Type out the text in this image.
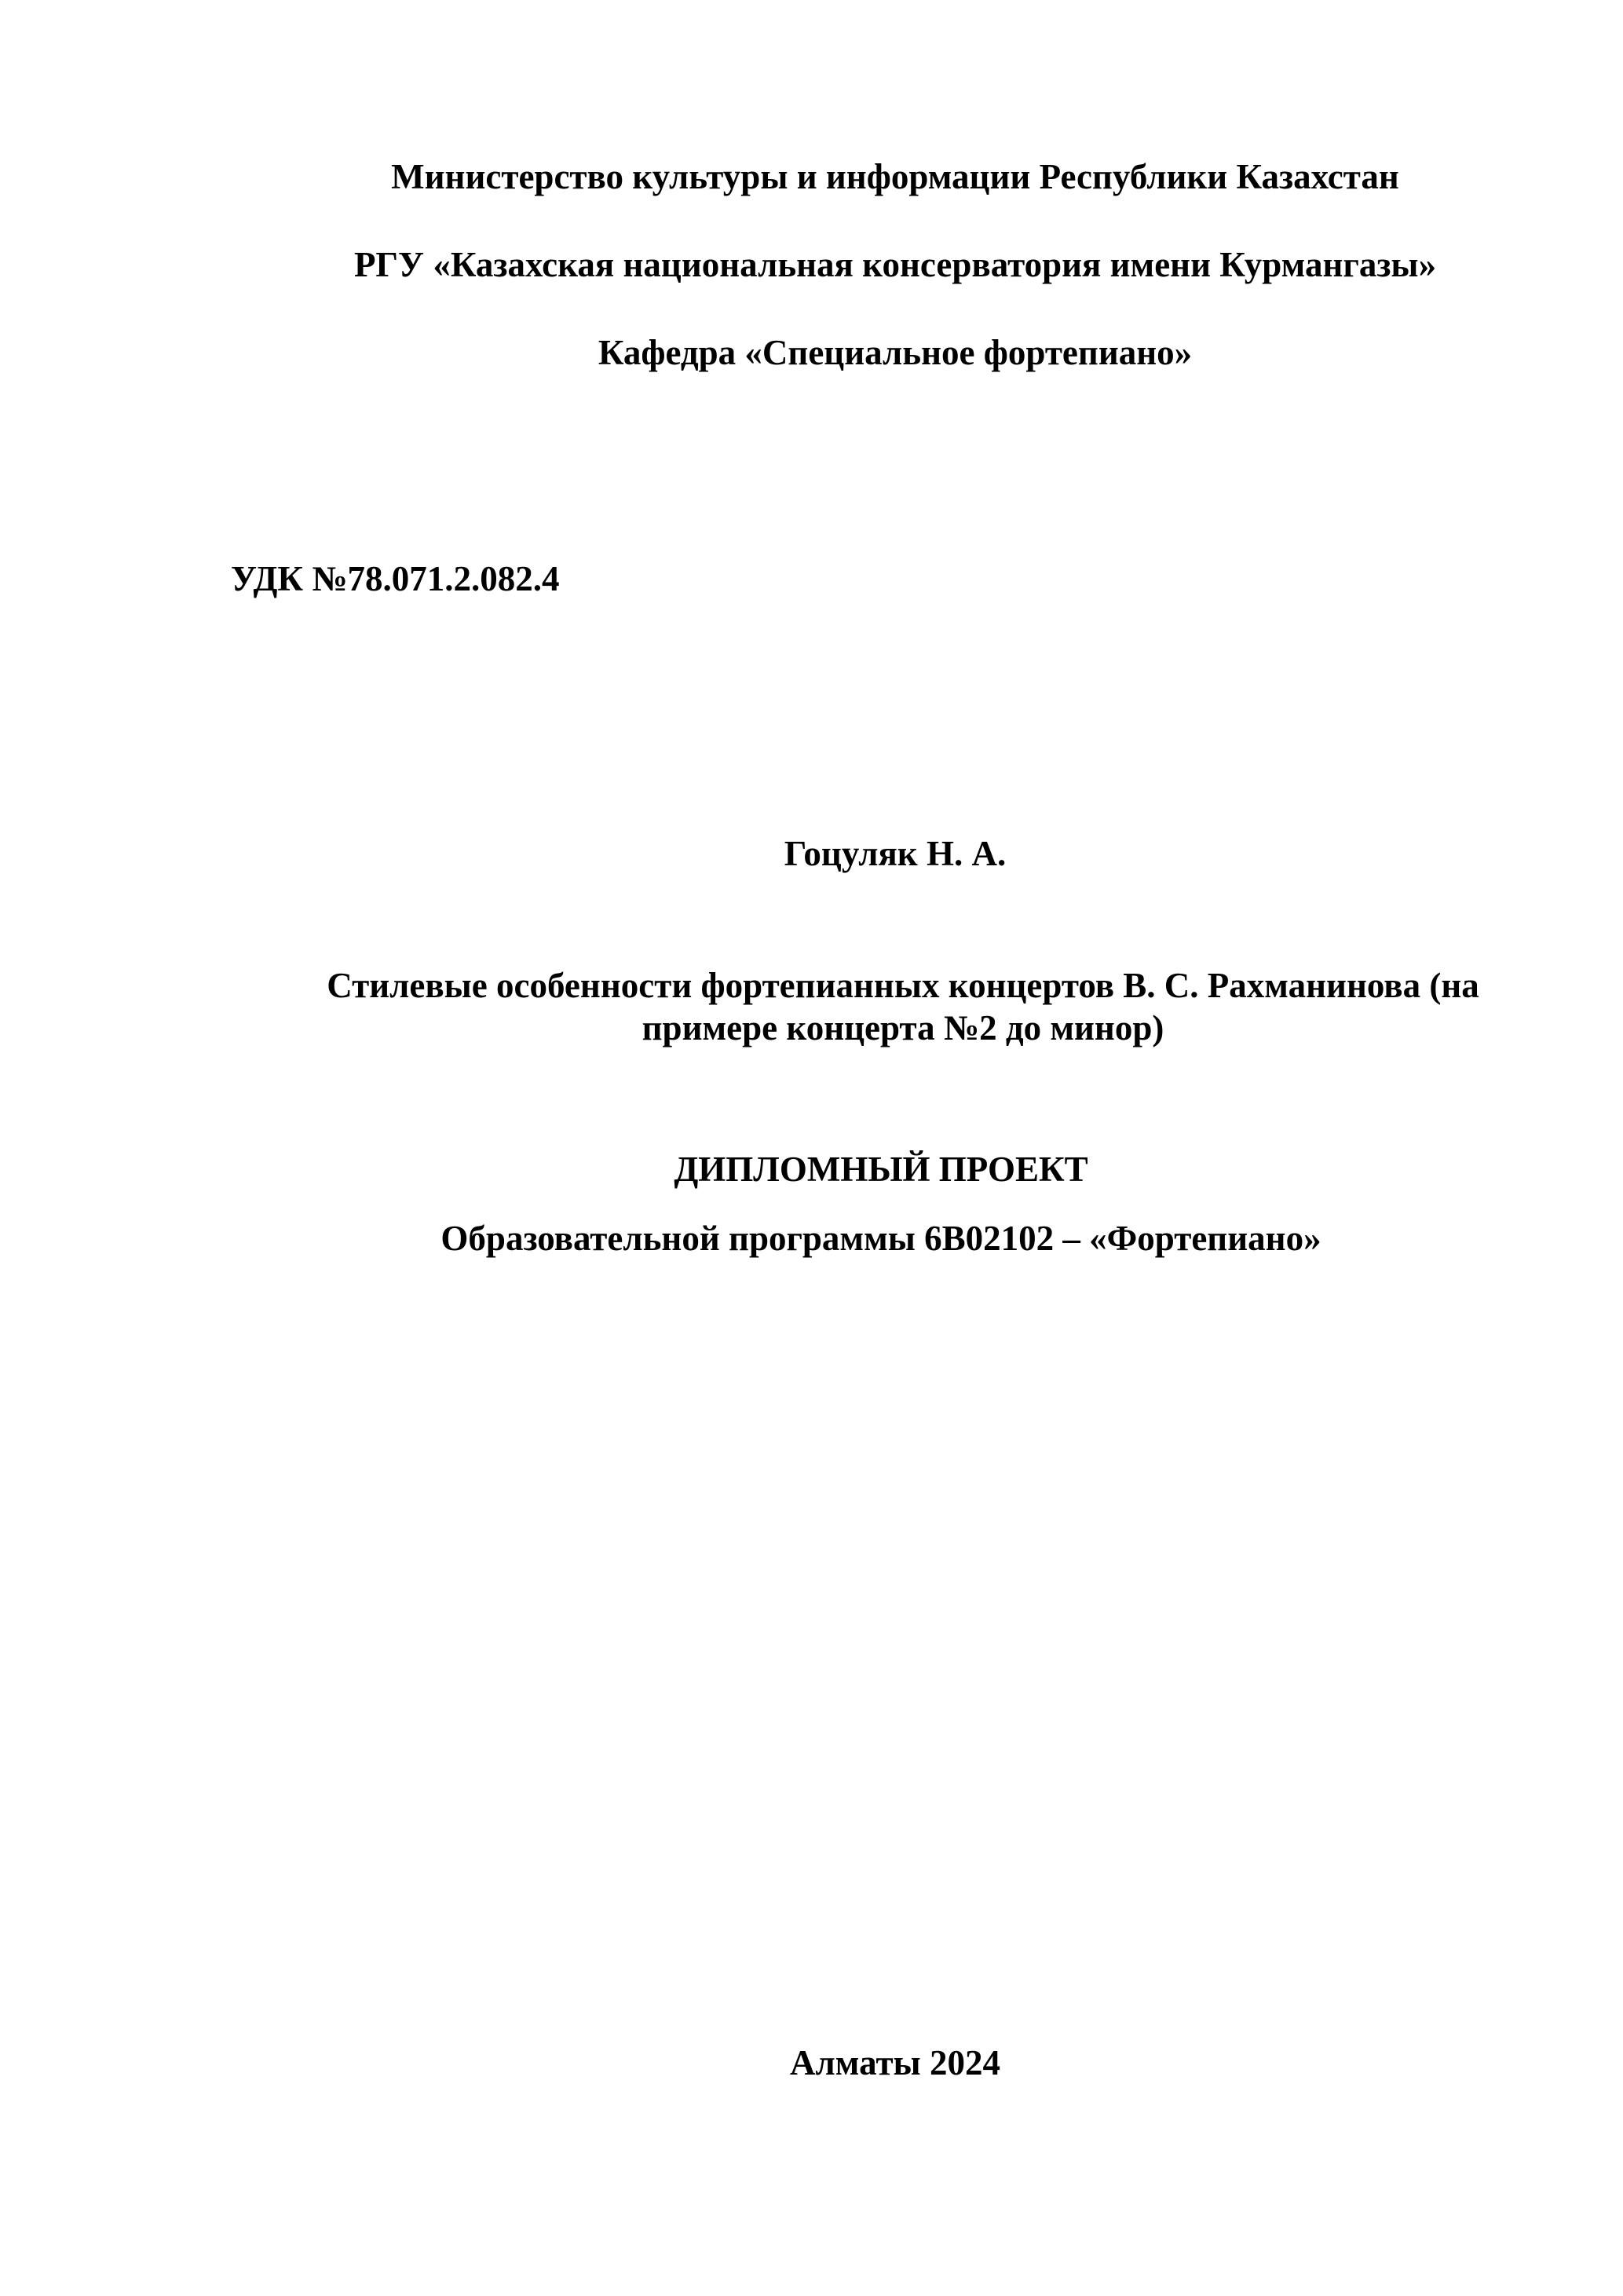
Министерство культуры и информации Республики Казахстан
РГУ «Казахская национальная консерватория имени Курмангазы»
Кафедра «Специальное фортепиано»
УДК №78.071.2.082.4
Гоцуляк Н. А.
Стилевые особенности фортепианных концертов В. С. Рахманинова (на
примере концерта №2 до минор)
ДИПЛОМНЫЙ ПРОЕКТ
Образовательной программы 6В02102 – «Фортепиано»
Алматы 2024
